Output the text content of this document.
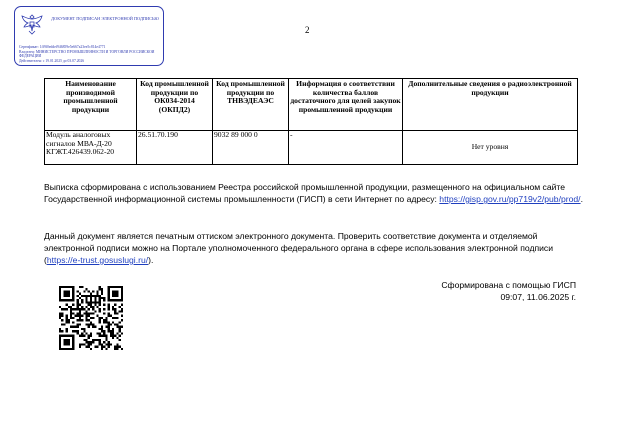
ДОКУМЕНТ ПОДПИСАН ЭЛЕКТРОННОЙ ПОДПИСЬЮ
Сертификат: 1ff9f0eddef946859e5e667a23ee5c814e4771
Владелец: МИНИСТЕРСТВО ПРОМЫШЛЕННОСТИ И ТОРГОВЛИ РОССИЙСКОЙ ФЕДЕРАЦИИ
Действителен: с 19.01.2025 до 03.07.2026
2
Наименование производимой промышленной продукции	Код промышленной продукции по ОК034-2014 (ОКПД2)	Код промышленной продукции по ТНВЭДЕАЭС	Информация о соответствии количества баллов достаточного для целей закупок промышленной продукции	Дополнительные сведения о радиоэлектронной продукции
Модуль аналоговых сигналов МВА-Д-20 КГЖТ.426439.062-20	26.51.70.190	9032 89 000 0	-	Нет уровня
Выписка сформирована с использованием Реестра российской промышленной продукции, размещенного на официальном сайте Государственной информационной системы промышленности (ГИСП) в сети Интернет по адресу: https://gisp.gov.ru/pp719v2/pub/prod/.
Данный документ является печатным оттиском электронного документа. Проверить соответствие документа и отделяемой электронной подписи можно на Портале уполномоченного федерального органа в сфере использования электронной подписи (https://e-trust.gosuslugi.ru/).
Сформирована с помощью ГИСП
09:07, 11.06.2025 г.
